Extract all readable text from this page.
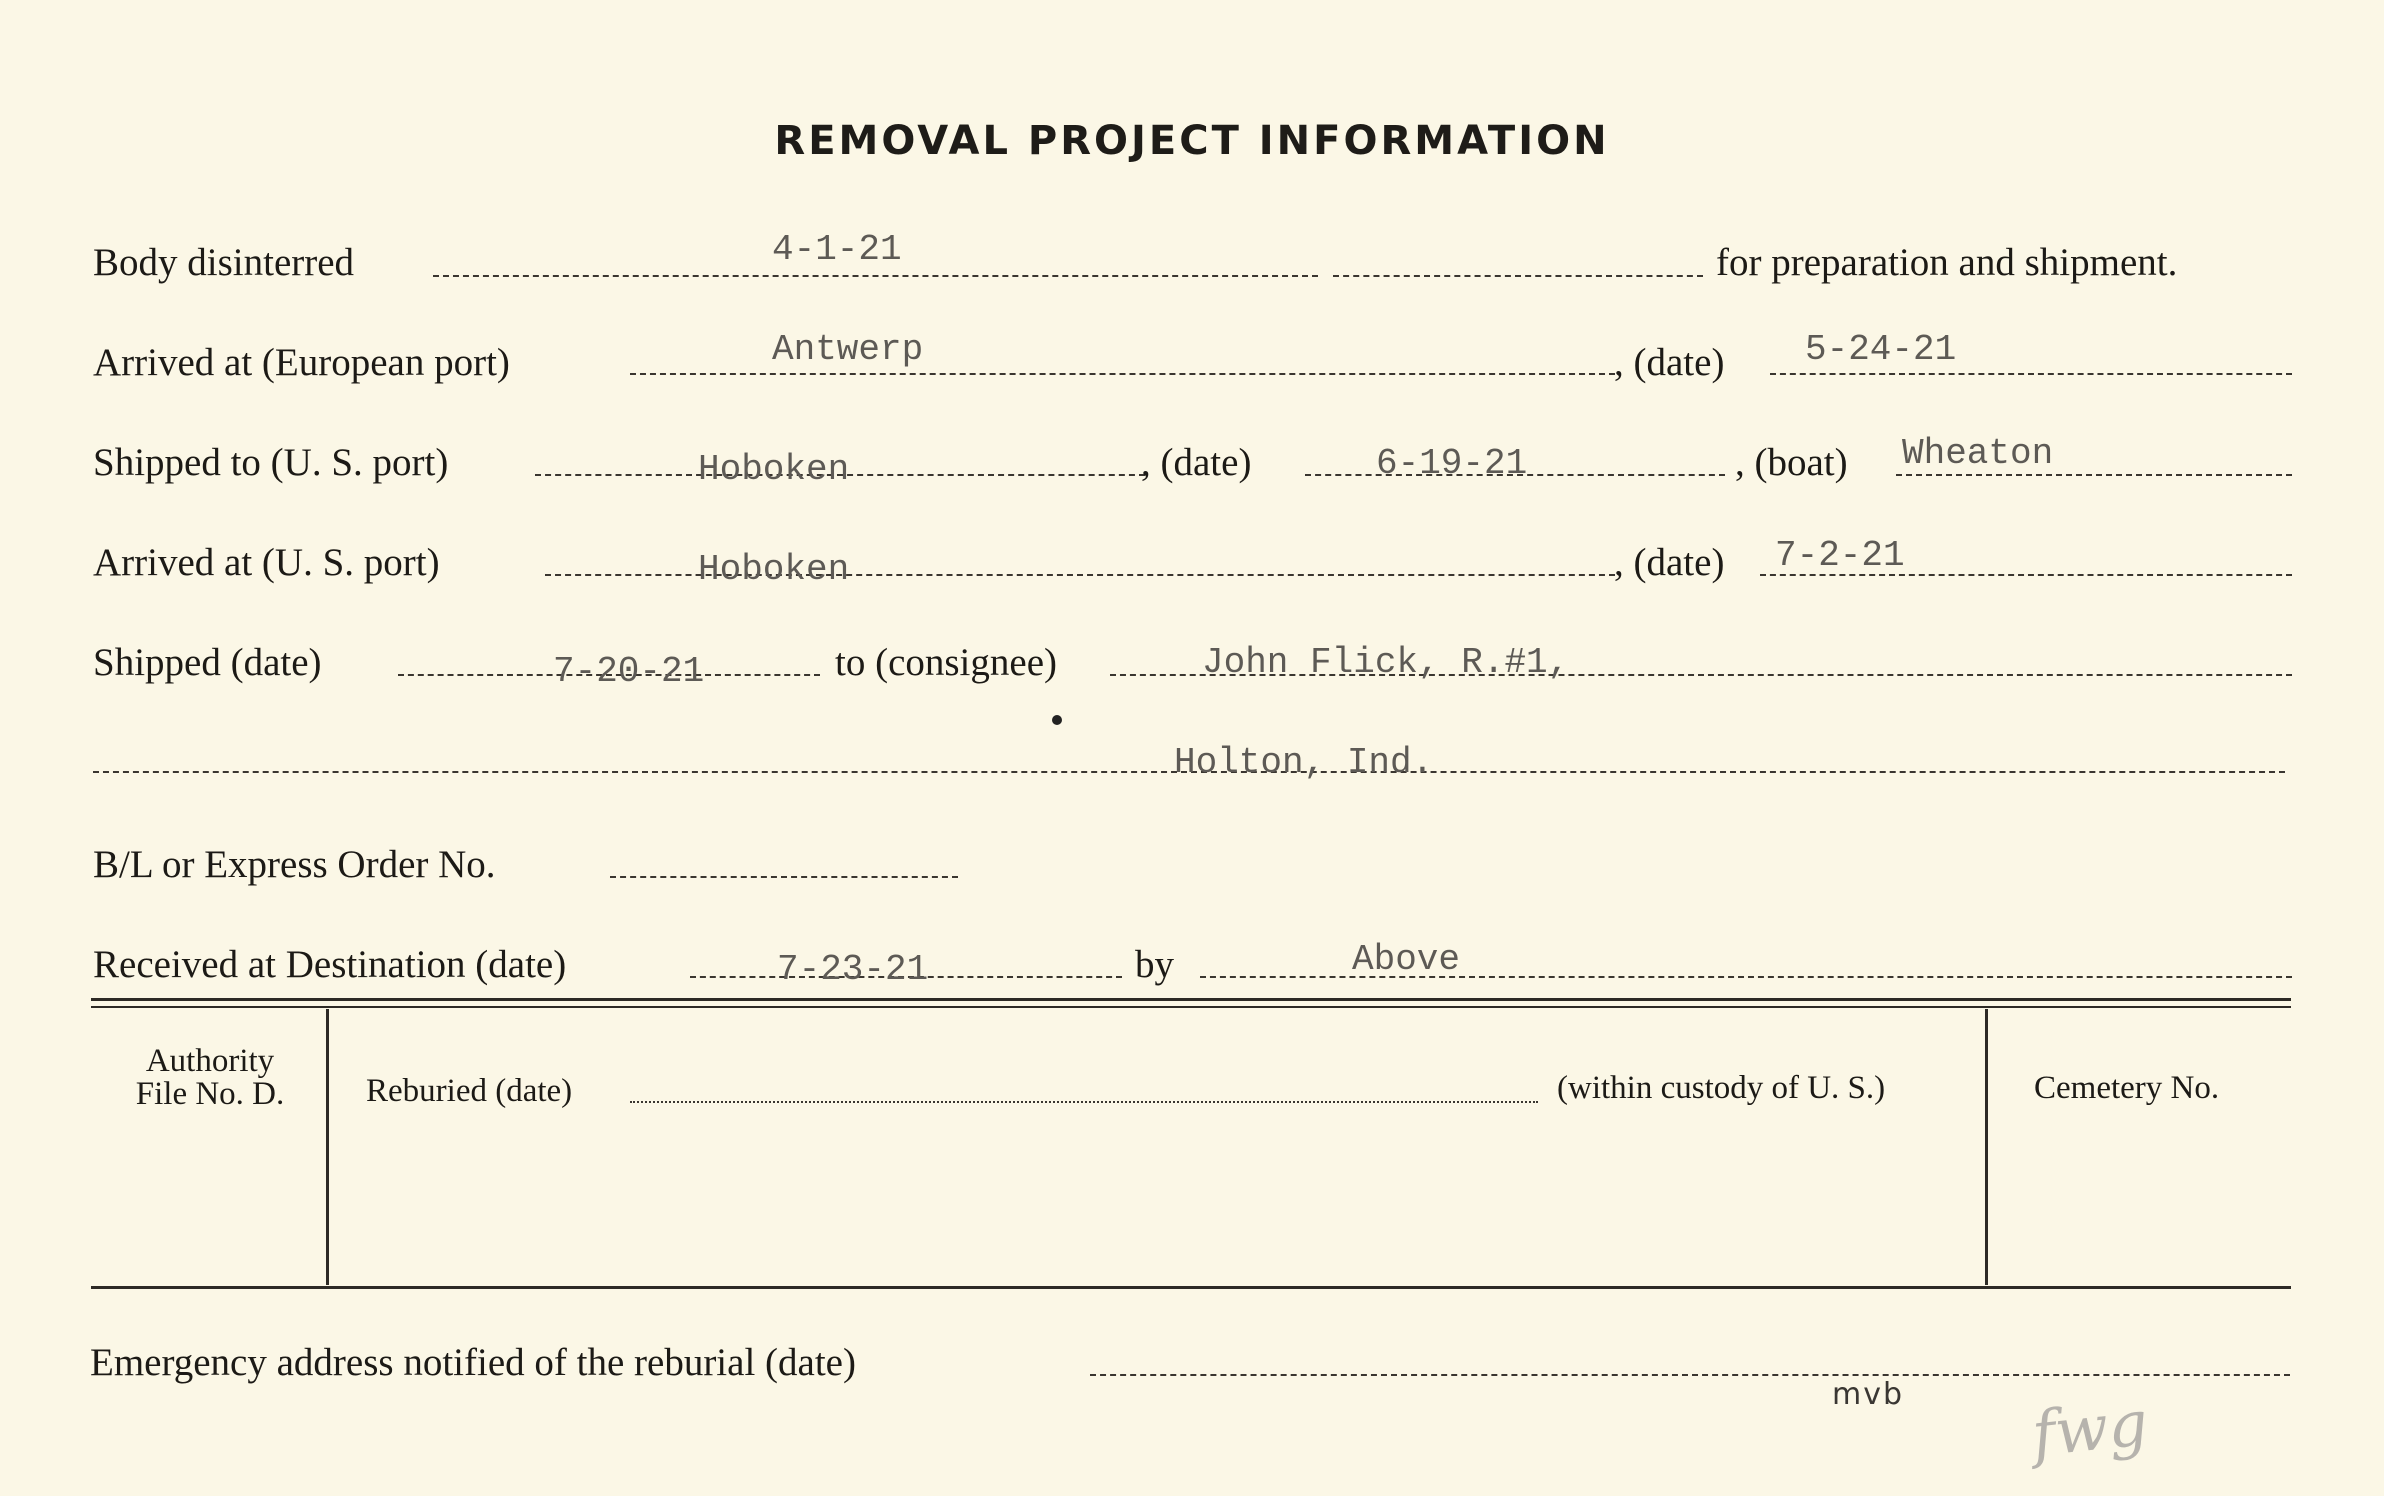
REMOVAL PROJECT INFORMATION
Body disinterred	4-1-21	for preparation and shipment.
Arrived at (European port)	Antwerp	, (date) 5-24-21
Shipped to (U. S. port)	Hoboken	, (date)	6-19-21	, (boat) Wheaton
Arrived at (U. S. port)	Hoboken	, (date) 7-2-21
Shipped (date)	7-20-21	to (consignee)	John Flick, R.#1,
Holton, Ind.
B/L or Express Order No.
Received at Destination (date)	7-23-21	by	Above
Authority
File No. D.	Reburied (date)	(within custody of U. S.)	Cemetery No.
Emergency address notified of the reburial (date)
mvb fwg
